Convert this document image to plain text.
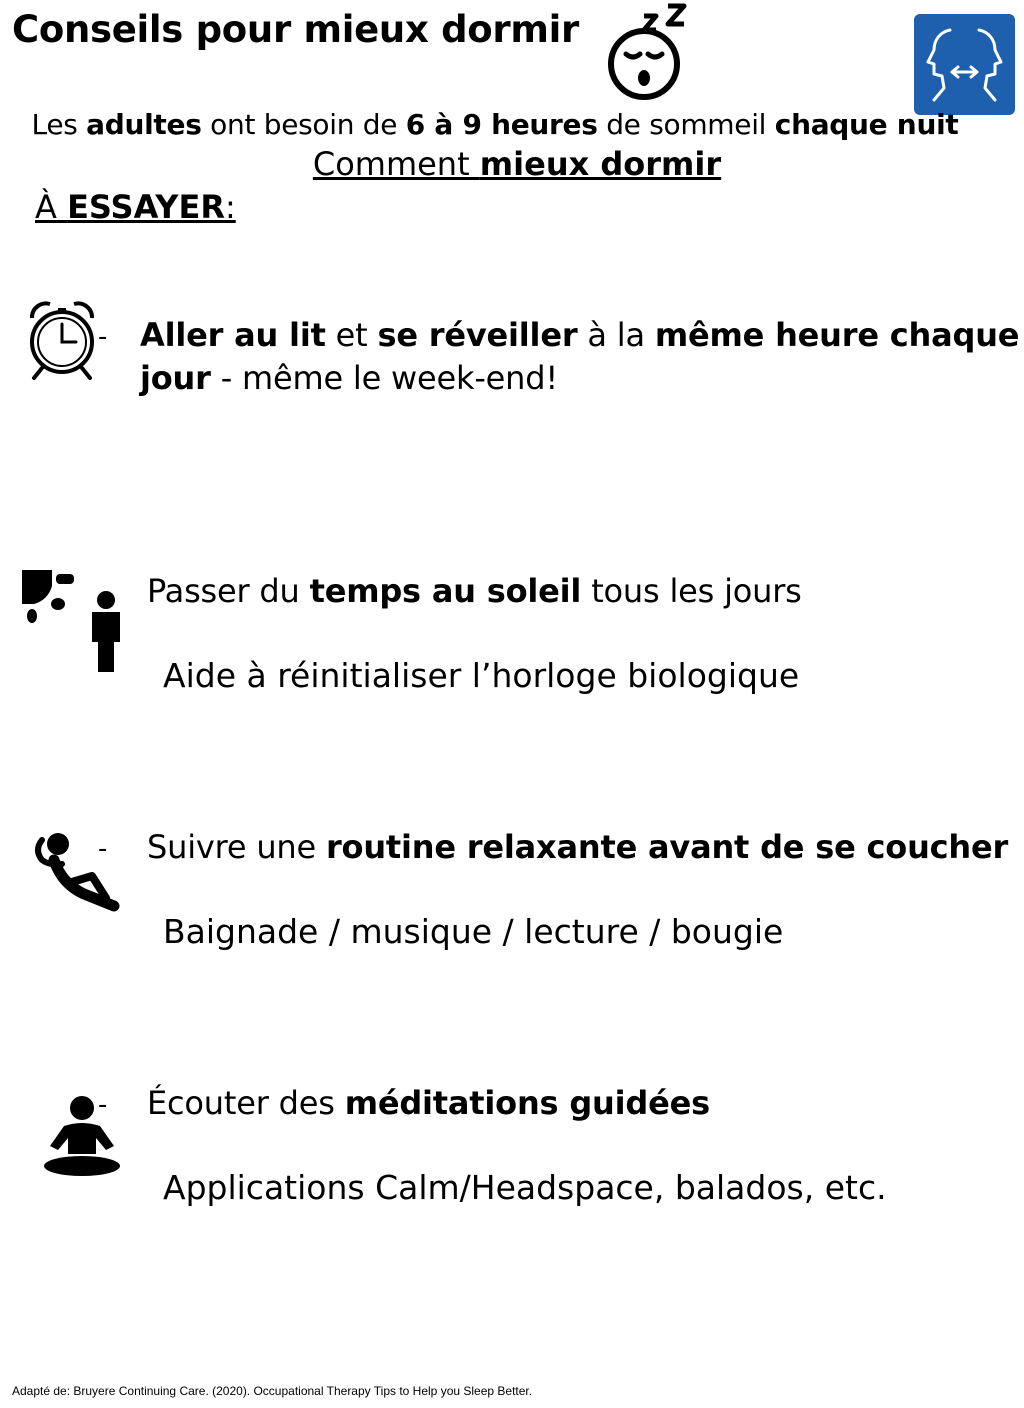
Conseils pour mieux dormir
Les adultes ont besoin de 6 à 9 heures de sommeil chaque nuit
Comment mieux dormir
À ESSAYER:
- Aller au lit et se réveiller à la même heure chaque
jour - même le week-end!
Passer du temps au soleil tous les jours
Aide à réinitialiser l’horloge biologique
- Suivre une routine relaxante avant de se coucher
Baignade / musique / lecture / bougie
- Écouter des méditations guidées
Applications Calm/Headspace, balados, etc.
Adapté de: Bruyere Continuing Care. (2020). Occupational Therapy Tips to Help you Sleep Better.
